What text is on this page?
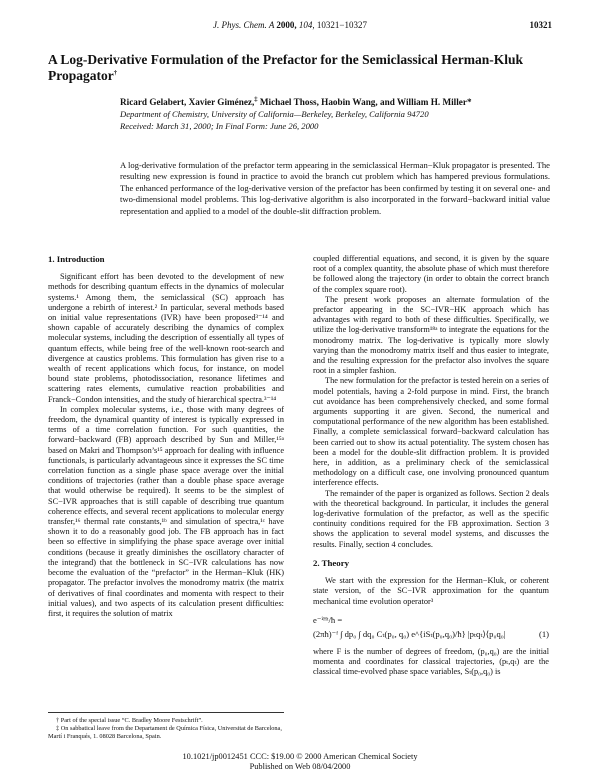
J. Phys. Chem. A 2000, 104, 10321−10327	10321
A Log-Derivative Formulation of the Prefactor for the Semiclassical Herman-Kluk Propagator†
Ricard Gelabert, Xavier Giménez,‡ Michael Thoss, Haobin Wang, and William H. Miller*
Department of Chemistry, University of California—Berkeley, Berkeley, California 94720
Received: March 31, 2000; In Final Form: June 26, 2000
A log-derivative formulation of the prefactor term appearing in the semiclassical Herman−Kluk propagator is presented. The resulting new expression is found in practice to avoid the branch cut problem which has hampered previous formulations. The enhanced performance of the log-derivative version of the prefactor has been confirmed by testing it on several one- and two-dimensional model problems. This log-derivative algorithm is also incorporated in the forward−backward initial value representation and applied to a model of the double-slit diffraction problem.
1. Introduction

Significant effort has been devoted to the development of new methods for describing quantum effects in the dynamics of molecular systems.¹ Among them, the semiclassical (SC) approach has undergone a rebirth of interest.² In particular, several methods based on initial value representations (IVR) have been proposed³⁻¹⁴ and shown capable of accurately describing the dynamics of complex molecular systems, including the description of essentially all types of quantum effects, while being free of the well-known root-search and divergence at caustics problems. This formulation has given rise to a wealth of recent applications which focus, for instance, on model bound state problems, photodissociation, resonance lifetimes and scattering rates elements, cumulative reaction probabilities and Franck−Condon intensities, and the study of hierarchical spectra.³⁻¹⁴

In complex molecular systems, i.e., those with many degrees of freedom, the dynamical quantity of interest is typically expressed in terms of a time correlation function. For such quantities, the forward−backward (FB) approach described by Sun and Miller,¹⁵ᵃ based on Makri and Thompson’s¹⁵ approach for dealing with influence functionals, is particularly advantageous since it expresses the SC time correlation function as a single phase space average over the initial conditions of trajectories (rather than a double phase space average that would otherwise be required). It seems to be the simplest of SC−IVR approaches that is still capable of describing true quantum coherence effects, and several recent applications to molecular energy transfer,¹⁶ thermal rate constants,¹ᵇ and simulation of spectra,¹ᶜ have shown it to do a reasonably good job. The FB approach has in fact been so effective in simplifying the phase space average over initial conditions (because it greatly diminishes the oscillatory character of the integrand) that the bottleneck in SC−IVR calculations has now become the evaluation of the “prefactor” in the Herman−Kluk (HK) propagator. The prefactor involves the monodromy matrix (the matrix of derivatives of final coordinates and momenta with respect to their initial values), and two aspects of its calculation present difficulties: first, it requires the solution of matrix

coupled differential equations, and second, it is given by the square root of a complex quantity, the absolute phase of which must therefore be followed along the trajectory (in order to obtain the correct branch of the complex square root).

The present work proposes an alternate formulation of the prefactor appearing in the SC−IVR−HK approach which has advantages with regard to both of these difficulties. Specifically, we utilize the log-derivative transform¹⁸ᵃ to integrate the equations for the monodromy matrix. The log-derivative is typically more slowly varying than the monodromy matrix itself and thus easier to integrate, and the resulting expression for the prefactor also involves the square root in a simpler fashion.

The new formulation for the prefactor is tested herein on a series of model potentials, having a 2-fold purpose in mind. First, the branch cut avoidance has been comprehensively checked, and some formal arguments supporting it are given. Second, the numerical and computational performance of the new algorithm has been established. Finally, a complete semiclassical forward−backward calculation has been carried out to show its actual potentiality. The system chosen has been a model for the double-slit diffraction problem. It is provided here, in addition, as a preliminary check of the semiclassical methodology on a difficult case, one involving pronounced quantum interference effects.

The remainder of the paper is organized as follows. Section 2 deals with the theoretical background. In particular, it includes the general log-derivative formulation of the prefactor, as well as the specific continuity conditions required for the FB approximation. Section 3 shows the application to several model systems, and discusses the results. Finally, section 4 concludes.

2. Theory

We start with the expression for the Herman−Kluk, or coherent state version, of the SC−IVR approximation for the quantum mechanical time evolution operator³

e⁻ⁱᴴᵗ/ħ =
(2πħ)⁻ᶠ ∫ dp₀ ∫ dq₀ Cₜ(p₀, q₀) e^{iSₜ(p₀,q₀)/ħ} |pₜqₜ⟩⟨p₀q₀|	(1)

where F is the number of degrees of freedom, (p₀,q₀) are the initial momenta and coordinates for classical trajectories, (pₜ,qₜ) are the classical time-evolved phase space variables, Sₜ(p₀,q₀) is

† Part of the special issue “C. Bradley Moore Festschrift”.

‡ On sabbatical leave from the Departament de Química Física, Universitat de Barcelona, Martí i Franqués, 1. 08028 Barcelona, Spain.

10.1021/jp0012451 CCC: $19.00 © 2000 American Chemical Society
Published on Web 08/04/2000
